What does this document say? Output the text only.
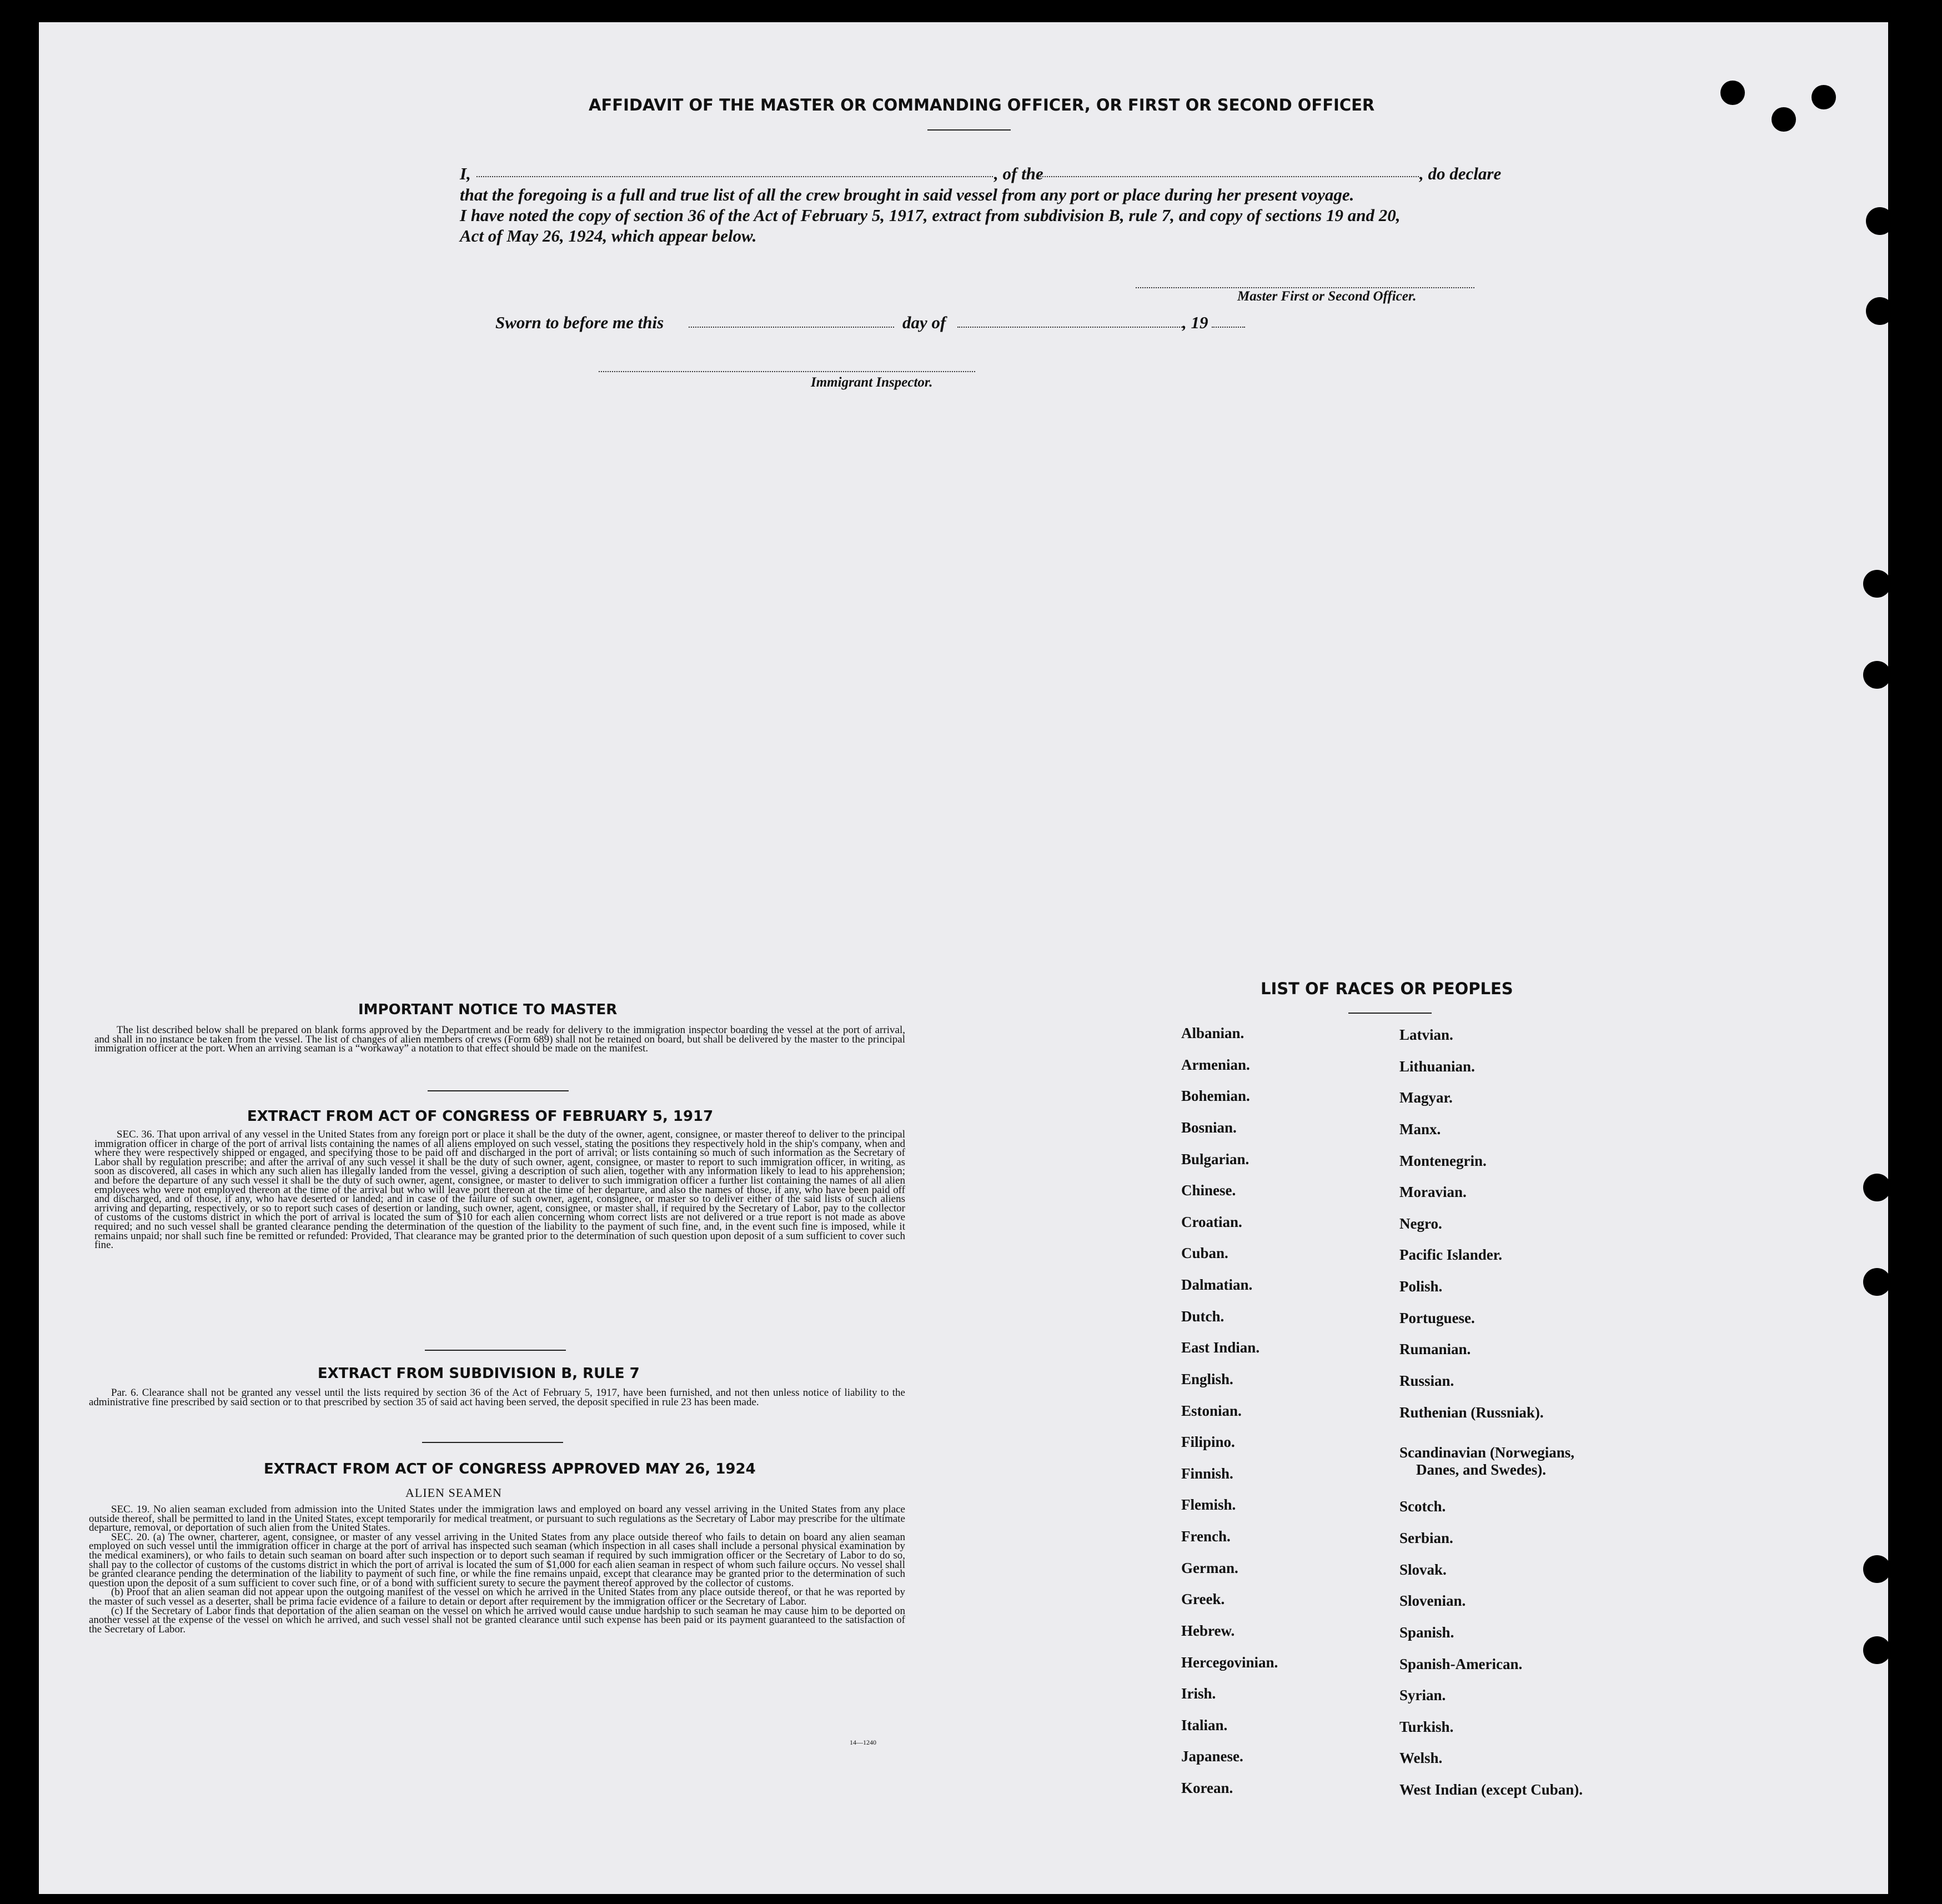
AFFIDAVIT OF THE MASTER OR COMMANDING OFFICER, OR FIRST OR SECOND OFFICER
I,	, of the	, do declare
that the foregoing is a full and true list of all the crew brought in said vessel from any port or place during her present voyage.
I have noted the copy of section 36 of the Act of February 5, 1917, extract from subdivision B, rule 7, and copy of sections 19 and 20,
Act of May 26, 1924, which appear below.
Master First or Second Officer.
Sworn to before me this	day of	, 19
Immigrant Inspector.
IMPORTANT NOTICE TO MASTER

The list described below shall be prepared on blank forms approved by the Department and be ready for delivery to the immigration inspector boarding the vessel at the port of arrival, and shall in no instance be taken from the vessel. The list of changes of alien members of crews (Form 689) shall not be retained on board, but shall be delivered by the master to the principal immigration officer at the port. When an arriving seaman is a “workaway” a notation to that effect should be made on the manifest.

EXTRACT FROM ACT OF CONGRESS OF FEBRUARY 5, 1917

SEC. 36. That upon arrival of any vessel in the United States from any foreign port or place it shall be the duty of the owner, agent, consignee, or master thereof to deliver to the principal immigration officer in charge of the port of arrival lists containing the names of all aliens employed on such vessel, stating the positions they respectively hold in the ship's company, when and where they were respectively shipped or engaged, and specifying those to be paid off and discharged in the port of arrival; or lists containing so much of such information as the Secretary of Labor shall by regulation prescribe; and after the arrival of any such vessel it shall be the duty of such owner, agent, consignee, or master to report to such immigration officer, in writing, as soon as discovered, all cases in which any such alien has illegally landed from the vessel, giving a description of such alien, together with any information likely to lead to his apprehension; and before the departure of any such vessel it shall be the duty of such owner, agent, consignee, or master to deliver to such immigration officer a further list containing the names of all alien employees who were not employed thereon at the time of the arrival but who will leave port thereon at the time of her departure, and also the names of those, if any, who have been paid off and discharged, and of those, if any, who have deserted or landed; and in case of the failure of such owner, agent, consignee, or master so to deliver either of the said lists of such aliens arriving and departing, respectively, or so to report such cases of desertion or landing, such owner, agent, consignee, or master shall, if required by the Secretary of Labor, pay to the collector of customs of the customs district in which the port of arrival is located the sum of $10 for each alien concerning whom correct lists are not delivered or a true report is not made as above required; and no such vessel shall be granted clearance pending the determination of the question of the liability to the payment of such fine, and, in the event such fine is imposed, while it remains unpaid; nor shall such fine be remitted or refunded: Provided, That clearance may be granted prior to the determination of such question upon deposit of a sum sufficient to cover such fine.

EXTRACT FROM SUBDIVISION B, RULE 7

Par. 6. Clearance shall not be granted any vessel until the lists required by section 36 of the Act of February 5, 1917, have been furnished, and not then unless notice of liability to the administrative fine prescribed by said section or to that prescribed by section 35 of said act having been served, the deposit specified in rule 23 has been made.

EXTRACT FROM ACT OF CONGRESS APPROVED MAY 26, 1924
ALIEN SEAMEN

SEC. 19. No alien seaman excluded from admission into the United States under the immigration laws and employed on board any vessel arriving in the United States from any place outside thereof, shall be permitted to land in the United States, except temporarily for medical treatment, or pursuant to such regulations as the Secretary of Labor may prescribe for the ultimate departure, removal, or deportation of such alien from the United States.

SEC. 20. (a) The owner, charterer, agent, consignee, or master of any vessel arriving in the United States from any place outside thereof who fails to detain on board any alien seaman employed on such vessel until the immigration officer in charge at the port of arrival has inspected such seaman (which inspection in all cases shall include a personal physical examination by the medical examiners), or who fails to detain such seaman on board after such inspection or to deport such seaman if required by such immigration officer or the Secretary of Labor to do so, shall pay to the collector of customs of the customs district in which the port of arrival is located the sum of $1,000 for each alien seaman in respect of whom such failure occurs. No vessel shall be granted clearance pending the determination of the liability to payment of such fine, or while the fine remains unpaid, except that clearance may be granted prior to the determination of such question upon the deposit of a sum sufficient to cover such fine, or of a bond with sufficient surety to secure the payment thereof approved by the collector of customs.

(b) Proof that an alien seaman did not appear upon the outgoing manifest of the vessel on which he arrived in the United States from any place outside thereof, or that he was reported by the master of such vessel as a deserter, shall be prima facie evidence of a failure to detain or deport after requirement by the immigration officer or the Secretary of Labor.

(c) If the Secretary of Labor finds that deportation of the alien seaman on the vessel on which he arrived would cause undue hardship to such seaman he may cause him to be deported on another vessel at the expense of the vessel on which he arrived, and such vessel shall not be granted clearance until such expense has been paid or its payment guaranteed to the satisfaction of the Secretary of Labor.

14—1240
LIST OF RACES OR PEOPLES
Albanian.
Armenian.
Bohemian.
Bosnian.
Bulgarian.
Chinese.
Croatian.
Cuban.
Dalmatian.
Dutch.
East Indian.
English.
Estonian.
Filipino.
Finnish.
Flemish.
French.
German.
Greek.
Hebrew.
Hercegovinian.
Irish.
Italian.
Japanese.
Korean.
Latvian.
Lithuanian.
Magyar.
Manx.
Montenegrin.
Moravian.
Negro.
Pacific Islander.
Polish.
Portuguese.
Rumanian.
Russian.
Ruthenian (Russniak).
Scandinavian (Norwegians,
Danes, and Swedes).
Scotch.
Serbian.
Slovak.
Slovenian.
Spanish.
Spanish-American.
Syrian.
Turkish.
Welsh.
West Indian (except Cuban).
